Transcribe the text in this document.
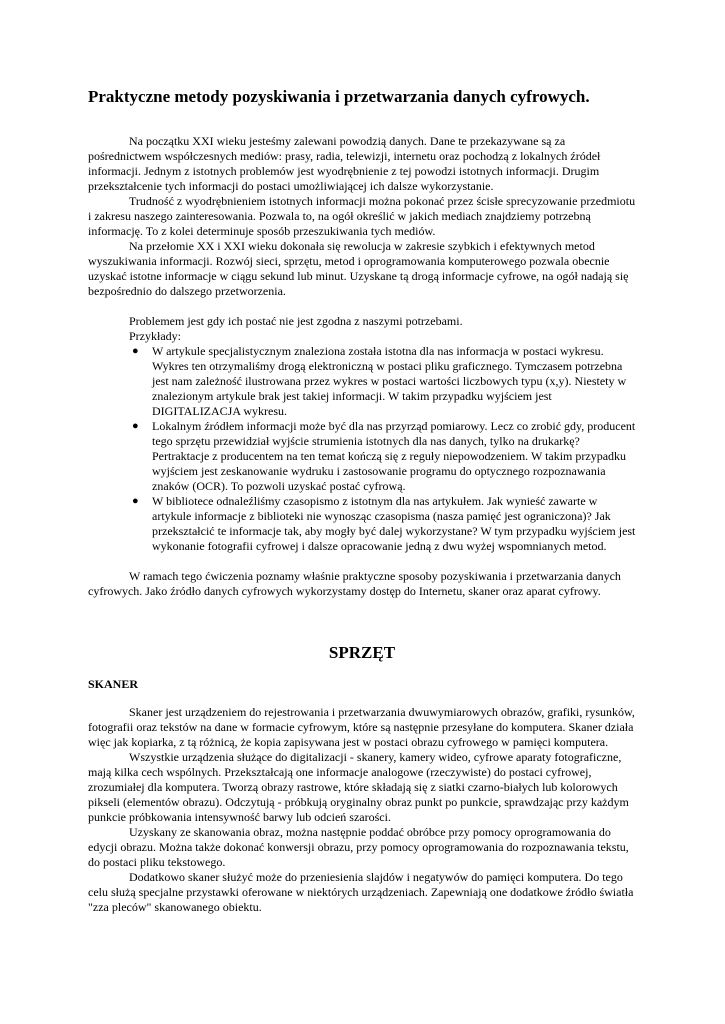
Praktyczne metody pozyskiwania i przetwarzania danych cyfrowych.

Na początku XXI wieku jesteśmy zalewani powodzią danych. Dane te przekazywane są za pośrednictwem współczesnych mediów: prasy, radia, telewizji, internetu oraz pochodzą z lokalnych źródeł informacji. Jednym z istotnych problemów jest wyodrębnienie z tej powodzi istotnych informacji. Drugim przekształcenie tych informacji do postaci umożliwiającej ich dalsze wykorzystanie.

Trudność z wyodrębnieniem istotnych informacji można pokonać przez ścisłe sprecyzowanie przedmiotu i zakresu naszego zainteresowania. Pozwala to, na ogół określić w jakich mediach znajdziemy potrzebną informację. To z kolei determinuje sposób przeszukiwania tych mediów.

Na przełomie XX i XXI wieku dokonała się rewolucja w zakresie szybkich i efektywnych metod wyszukiwania informacji. Rozwój sieci, sprzętu, metod i oprogramowania komputerowego pozwala obecnie uzyskać istotne informacje w ciągu sekund lub minut. Uzyskane tą drogą informacje cyfrowe, na ogół nadają się bezpośrednio do dalszego przetworzenia.

Problemem jest gdy ich postać nie jest zgodna z naszymi potrzebami.

Przykłady:

● W artykule specjalistycznym znaleziona została istotna dla nas informacja w postaci wykresu. Wykres ten otrzymaliśmy drogą elektroniczną w postaci pliku graficznego. Tymczasem potrzebna jest nam zależność ilustrowana przez wykres w postaci wartości liczbowych typu (x,y). Niestety w znalezionym artykule brak jest takiej informacji. W takim przypadku wyjściem jest DIGITALIZACJA wykresu.
● Lokalnym źródłem informacji może być dla nas przyrząd pomiarowy. Lecz co zrobić gdy, producent tego sprzętu przewidział wyjście strumienia istotnych dla nas danych, tylko na drukarkę? Pertraktacje z producentem na ten temat kończą się z reguły niepowodzeniem. W takim przypadku wyjściem jest zeskanowanie wydruku i zastosowanie programu do optycznego rozpoznawania znaków (OCR). To pozwoli uzyskać postać cyfrową.
● W bibliotece odnaleźliśmy czasopismo z istotnym dla nas artykułem. Jak wynieść zawarte w artykule informacje z biblioteki nie wynosząc czasopisma (nasza pamięć jest ograniczona)? Jak przekształcić te informacje tak, aby mogły być dalej wykorzystane? W tym przypadku wyjściem jest wykonanie fotografii cyfrowej i dalsze opracowanie jedną z dwu wyżej wspomnianych metod.

W ramach tego ćwiczenia poznamy właśnie praktyczne sposoby pozyskiwania i przetwarzania danych cyfrowych. Jako źródło danych cyfrowych wykorzystamy dostęp do Internetu, skaner oraz aparat cyfrowy.

SPRZĘT
SKANER

Skaner jest urządzeniem do rejestrowania i przetwarzania dwuwymiarowych obrazów, grafiki, rysunków, fotografii oraz tekstów na dane w formacie cyfrowym, które są następnie przesyłane do komputera. Skaner działa więc jak kopiarka, z tą różnicą, że kopia zapisywana jest w postaci obrazu cyfrowego w pamięci komputera.

Wszystkie urządzenia służące do digitalizacji - skanery, kamery wideo, cyfrowe aparaty fotograficzne, mają kilka cech wspólnych. Przekształcają one informacje analogowe (rzeczywiste) do postaci cyfrowej, zrozumiałej dla komputera. Tworzą obrazy rastrowe, które składają się z siatki czarno-białych lub kolorowych pikseli (elementów obrazu). Odczytują - próbkują oryginalny obraz punkt po punkcie, sprawdzając przy każdym punkcie próbkowania intensywność barwy lub odcień szarości.

Uzyskany ze skanowania obraz, można następnie poddać obróbce przy pomocy oprogramowania do edycji obrazu. Można także dokonać konwersji obrazu, przy pomocy oprogramowania do rozpoznawania tekstu, do postaci pliku tekstowego.

Dodatkowo skaner służyć może do przeniesienia slajdów i negatywów do pamięci komputera. Do tego celu służą specjalne przystawki oferowane w niektórych urządzeniach. Zapewniają one dodatkowe źródło światła "zza pleców" skanowanego obiektu.
